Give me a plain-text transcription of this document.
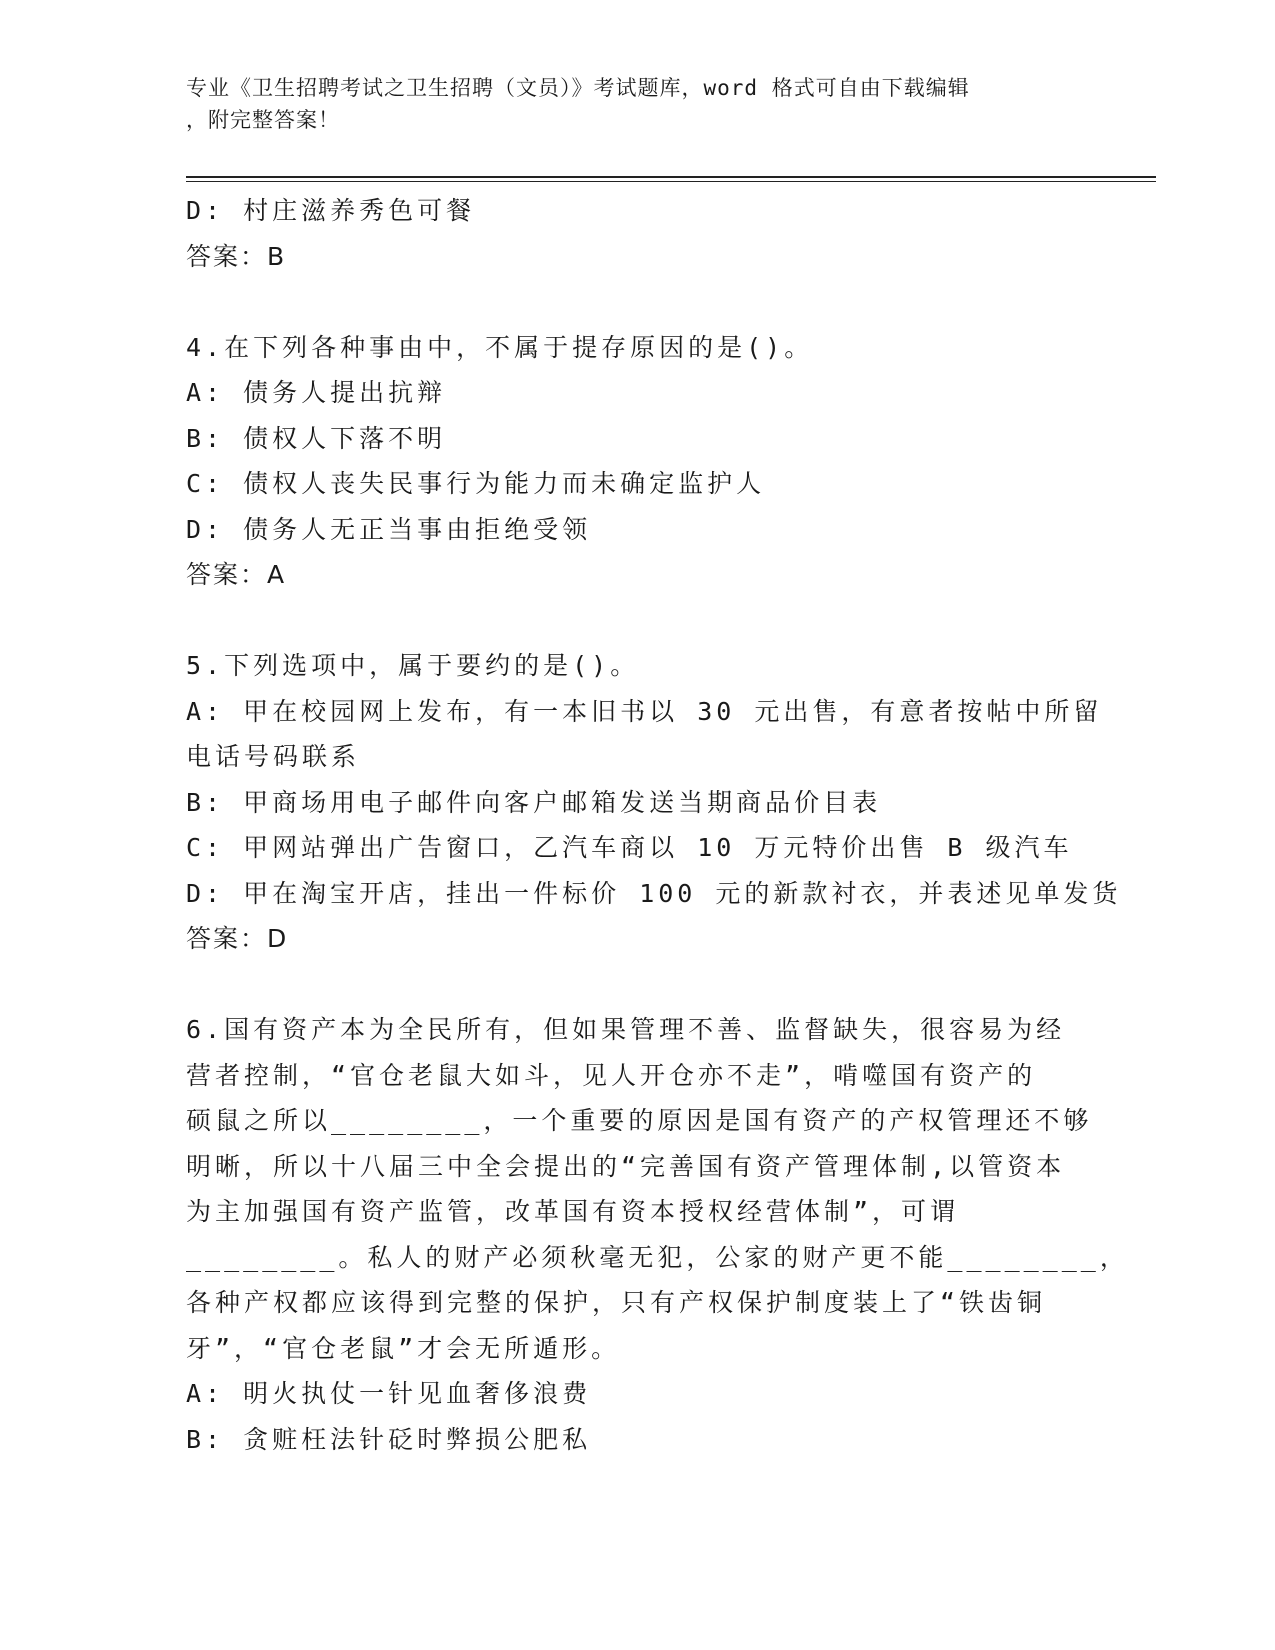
专业《卫生招聘考试之卫生招聘（文员）》考试题库，word 格式可自由下载编辑
，附完整答案！
D: 村庄滋养秀色可餐
答案：B
4.在下列各种事由中，不属于提存原因的是()。
A: 债务人提出抗辩
B: 债权人下落不明
C: 债权人丧失民事行为能力而未确定监护人
D: 债务人无正当事由拒绝受领
答案：A
5.下列选项中，属于要约的是()。
A: 甲在校园网上发布，有一本旧书以 30 元出售，有意者按帖中所留
电话号码联系
B: 甲商场用电子邮件向客户邮箱发送当期商品价目表
C: 甲网站弹出广告窗口，乙汽车商以 10 万元特价出售 B 级汽车
D: 甲在淘宝开店，挂出一件标价 100 元的新款衬衣，并表述见单发货
答案：D
6.国有资产本为全民所有，但如果管理不善、监督缺失，很容易为经
营者控制，“官仓老鼠大如斗，见人开仓亦不走”，啃噬国有资产的
硕鼠之所以________，一个重要的原因是国有资产的产权管理还不够
明晰，所以十八届三中全会提出的“完善国有资产管理体制,以管资本
为主加强国有资产监管，改革国有资本授权经营体制”，可谓
________。私人的财产必须秋毫无犯，公家的财产更不能________，
各种产权都应该得到完整的保护，只有产权保护制度装上了“铁齿铜
牙”，“官仓老鼠”才会无所遁形。
A: 明火执仗一针见血奢侈浪费
B: 贪赃枉法针砭时弊损公肥私
